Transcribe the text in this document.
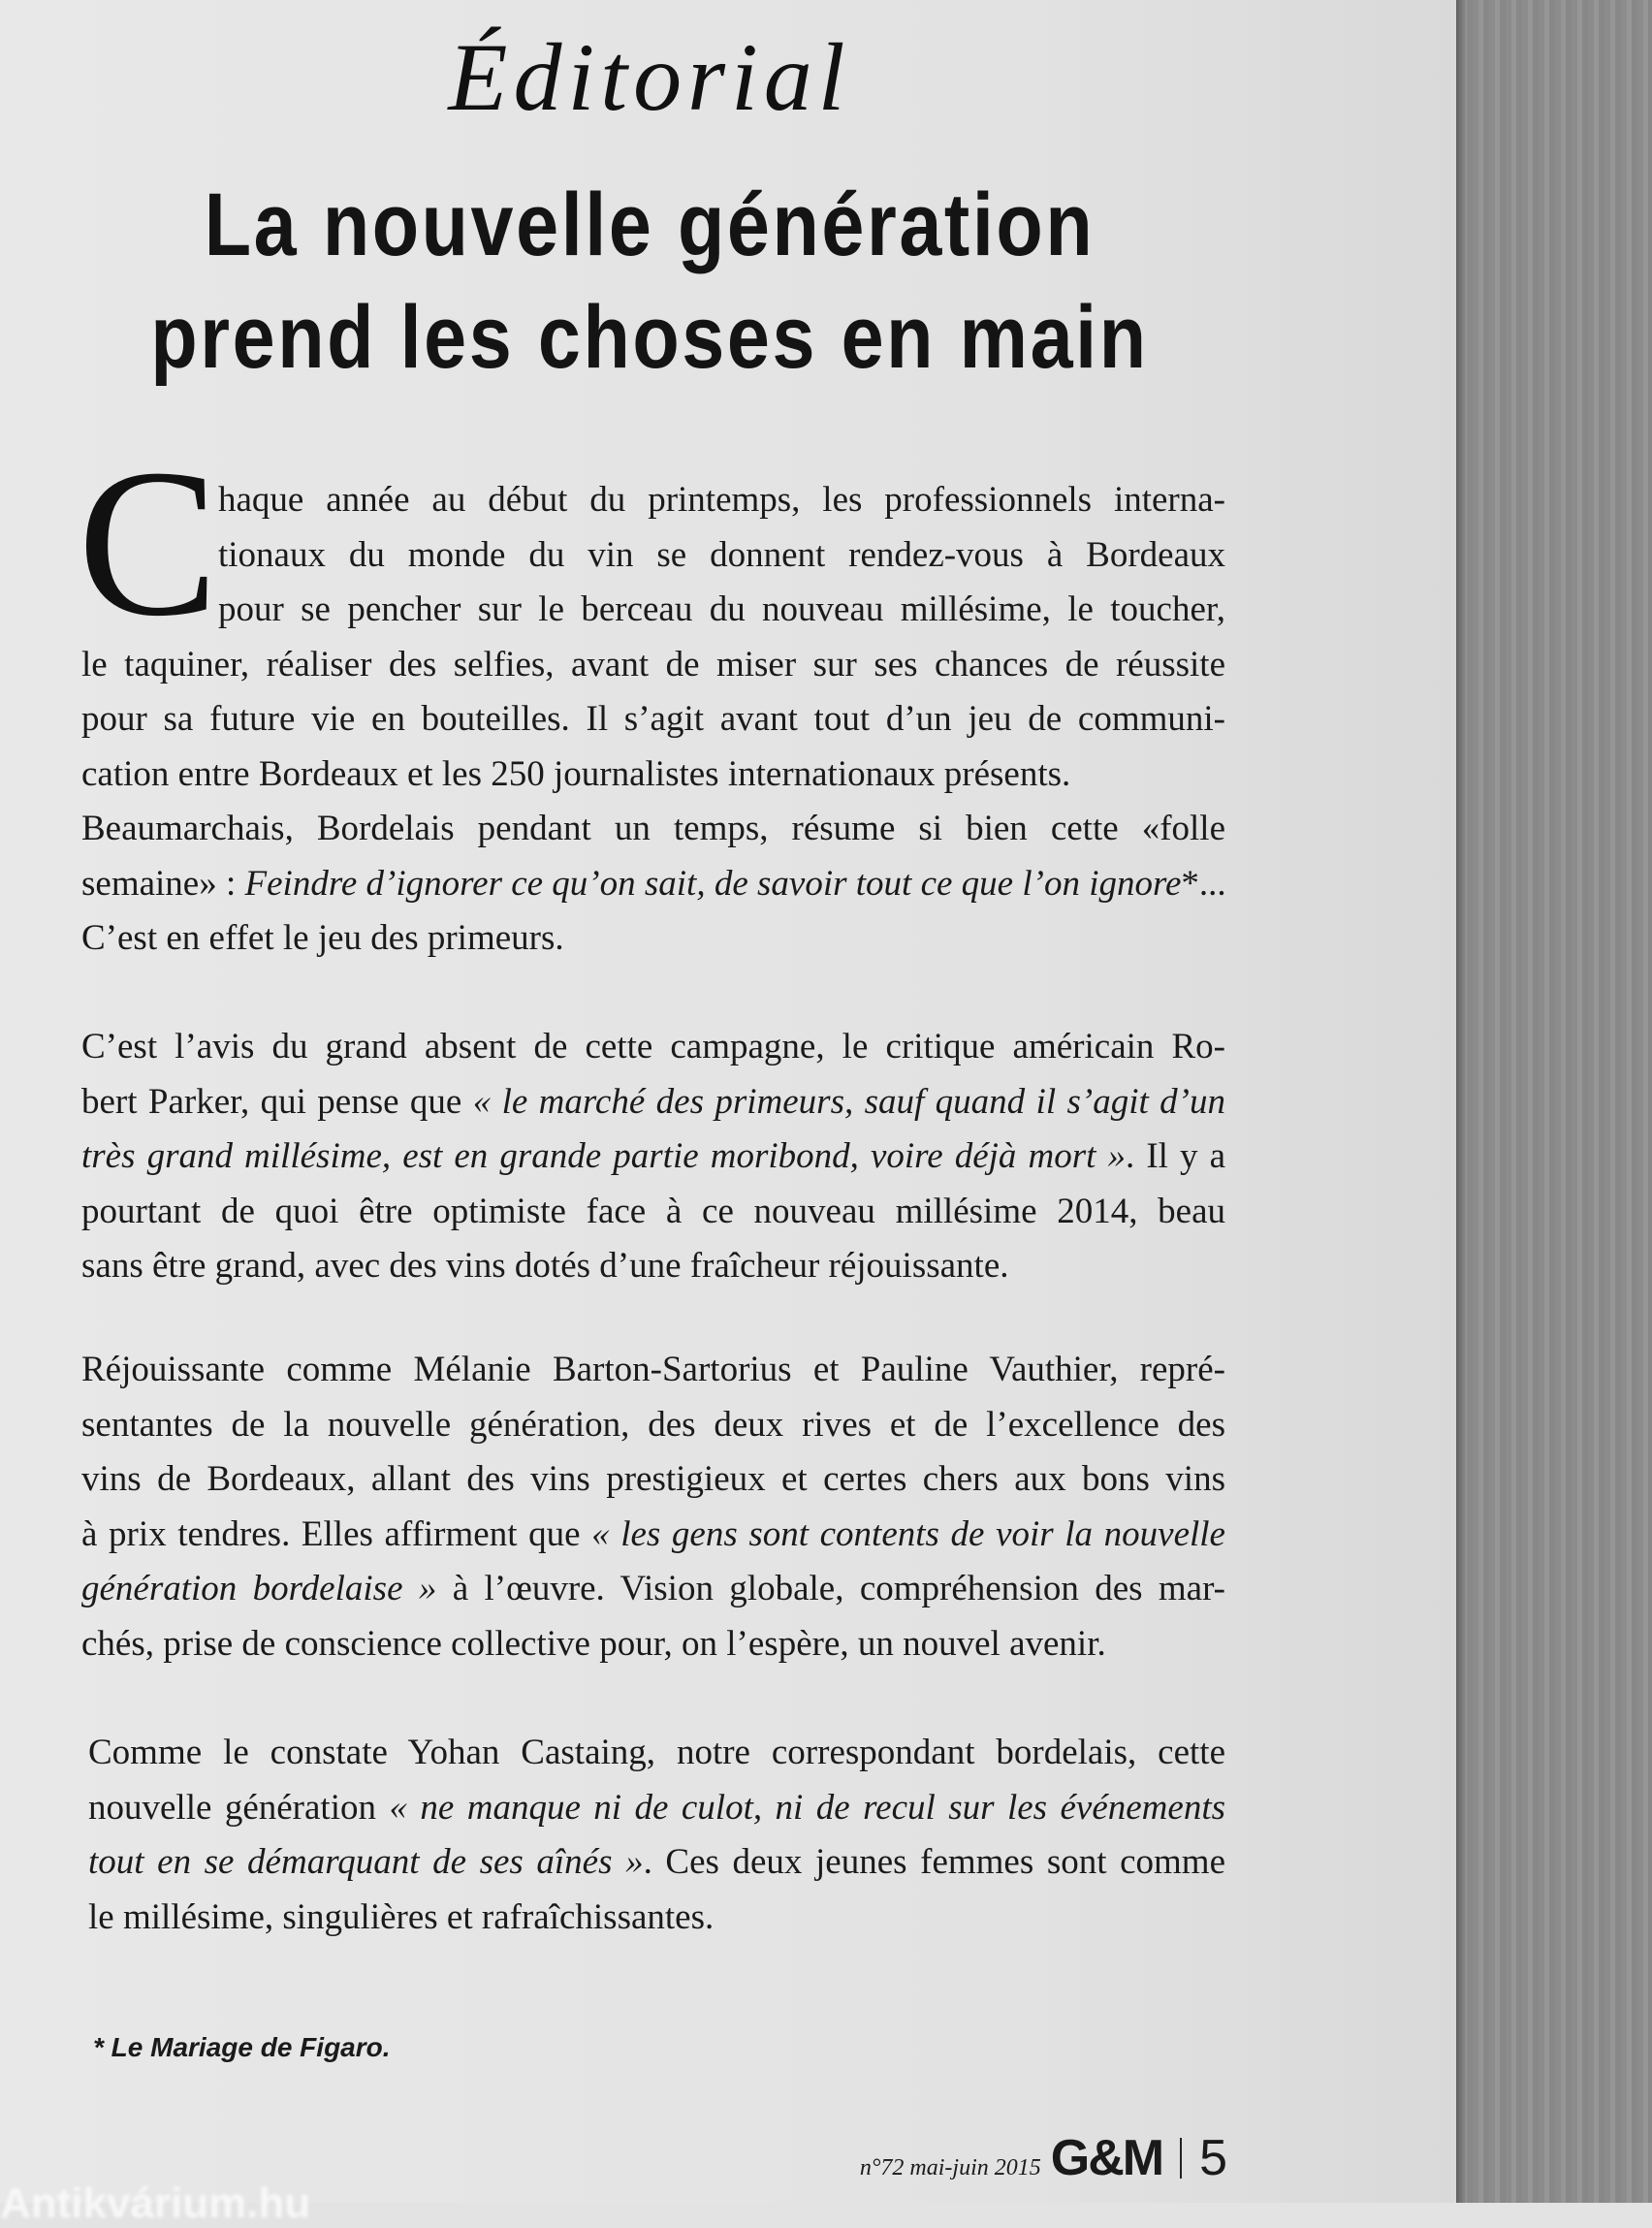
Éditorial
La nouvelle génération
prend les choses en main
C haque année au début du printemps, les professionnels interna-
tionaux du monde du vin se donnent rendez-vous à Bordeaux
pour se pencher sur le berceau du nouveau millésime, le toucher,
le taquiner, réaliser des selfies, avant de miser sur ses chances de réussite
pour sa future vie en bouteilles. Il s’agit avant tout d’un jeu de communi-
cation entre Bordeaux et les 250 journalistes internationaux présents.
Beaumarchais, Bordelais pendant un temps, résume si bien cette «folle
semaine» : Feindre d’ignorer ce qu’on sait, de savoir tout ce que l’on ignore*...
C’est en effet le jeu des primeurs.
C’est l’avis du grand absent de cette campagne, le critique américain Ro-
bert Parker, qui pense que « le marché des primeurs, sauf quand il s’agit d’un
très grand millésime, est en grande partie moribond, voire déjà mort ». Il y a
pourtant de quoi être optimiste face à ce nouveau millésime 2014, beau
sans être grand, avec des vins dotés d’une fraîcheur réjouissante.
Réjouissante comme Mélanie Barton-Sartorius et Pauline Vauthier, repré-
sentantes de la nouvelle génération, des deux rives et de l’excellence des
vins de Bordeaux, allant des vins prestigieux et certes chers aux bons vins
à prix tendres. Elles affirment que « les gens sont contents de voir la nouvelle
génération bordelaise » à l’œuvre. Vision globale, compréhension des mar-
chés, prise de conscience collective pour, on l’espère, un nouvel avenir.
Comme le constate Yohan Castaing, notre correspondant bordelais, cette
nouvelle génération « ne manque ni de culot, ni de recul sur les événements
tout en se démarquant de ses aînés ». Ces deux jeunes femmes sont comme
le millésime, singulières et rafraîchissantes.
* Le Mariage de Figaro.
n°72 mai-juin 2015 G&M 5
Antikvárium.hu
